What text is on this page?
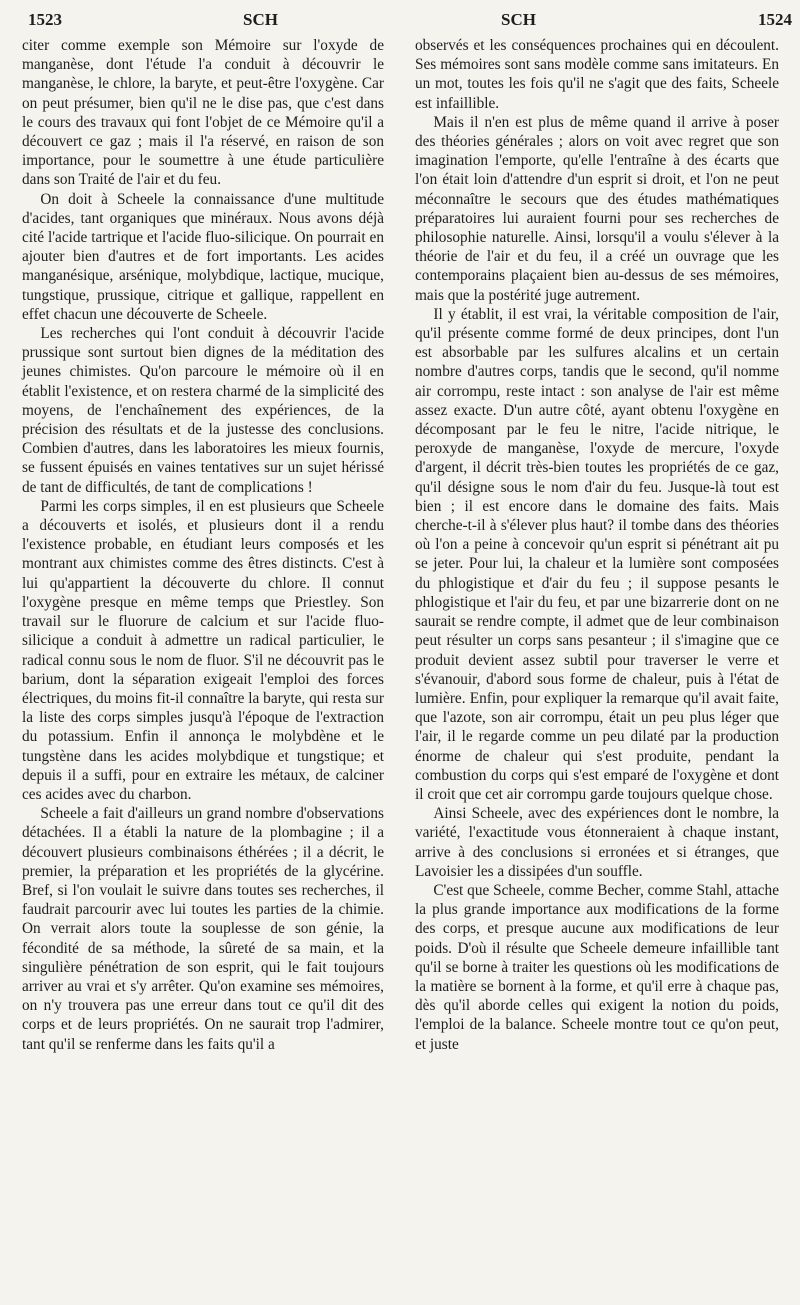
1523	SCH	SCH	1524

citer comme exemple son Mémoire sur l'oxyde de manganèse, dont l'étude l'a conduit à découvrir le manganèse, le chlore, la baryte, et peut-être l'oxygène. Car on peut présumer, bien qu'il ne le dise pas, que c'est dans le cours des travaux qui font l'objet de ce Mémoire qu'il a découvert ce gaz ; mais il l'a réservé, en raison de son importance, pour le soumettre à une étude particulière dans son Traité de l'air et du feu.

On doit à Scheele la connaissance d'une multitude d'acides, tant organiques que minéraux. Nous avons déjà cité l'acide tartrique et l'acide fluo-silicique. On pourrait en ajouter bien d'autres et de fort importants. Les acides manganésique, arsénique, molybdique, lactique, mucique, tungstique, prussique, citrique et gallique, rappellent en effet chacun une découverte de Scheele.

Les recherches qui l'ont conduit à découvrir l'acide prussique sont surtout bien dignes de la méditation des jeunes chimistes. Qu'on parcoure le mémoire où il en établit l'existence, et on restera charmé de la simplicité des moyens, de l'enchaînement des expériences, de la précision des résultats et de la justesse des conclusions. Combien d'autres, dans les laboratoires les mieux fournis, se fussent épuisés en vaines tentatives sur un sujet hérissé de tant de difficultés, de tant de complications !

Parmi les corps simples, il en est plusieurs que Scheele a découverts et isolés, et plusieurs dont il a rendu l'existence probable, en étudiant leurs composés et les montrant aux chimistes comme des êtres distincts. C'est à lui qu'appartient la découverte du chlore. Il connut l'oxygène presque en même temps que Priestley. Son travail sur le fluorure de calcium et sur l'acide fluo-silicique a conduit à admettre un radical particulier, le radical connu sous le nom de fluor. S'il ne découvrit pas le barium, dont la séparation exigeait l'emploi des forces électriques, du moins fit-il connaître la baryte, qui resta sur la liste des corps simples jusqu'à l'époque de l'extraction du potassium. Enfin il annonça le molybdène et le tungstène dans les acides molybdique et tungstique; et depuis il a suffi, pour en extraire les métaux, de calciner ces acides avec du charbon.

Scheele a fait d'ailleurs un grand nombre d'observations détachées. Il a établi la nature de la plombagine ; il a découvert plusieurs combinaisons éthérées ; il a décrit, le premier, la préparation et les propriétés de la glycérine. Bref, si l'on voulait le suivre dans toutes ses recherches, il faudrait parcourir avec lui toutes les parties de la chimie. On verrait alors toute la souplesse de son génie, la fécondité de sa méthode, la sûreté de sa main, et la singulière pénétration de son esprit, qui le fait toujours arriver au vrai et s'y arrêter. Qu'on examine ses mémoires, on n'y trouvera pas une erreur dans tout ce qu'il dit des corps et de leurs propriétés. On ne saurait trop l'admirer, tant qu'il se renferme dans les faits qu'il a

observés et les conséquences prochaines qui en découlent. Ses mémoires sont sans modèle comme sans imitateurs. En un mot, toutes les fois qu'il ne s'agit que des faits, Scheele est infaillible.

Mais il n'en est plus de même quand il arrive à poser des théories générales ; alors on voit avec regret que son imagination l'emporte, qu'elle l'entraîne à des écarts que l'on était loin d'attendre d'un esprit si droit, et l'on ne peut méconnaître le secours que des études mathématiques préparatoires lui auraient fourni pour ses recherches de philosophie naturelle. Ainsi, lorsqu'il a voulu s'élever à la théorie de l'air et du feu, il a créé un ouvrage que les contemporains plaçaient bien au-dessus de ses mémoires, mais que la postérité juge autrement.

Il y établit, il est vrai, la véritable composition de l'air, qu'il présente comme formé de deux principes, dont l'un est absorbable par les sulfures alcalins et un certain nombre d'autres corps, tandis que le second, qu'il nomme air corrompu, reste intact : son analyse de l'air est même assez exacte. D'un autre côté, ayant obtenu l'oxygène en décomposant par le feu le nitre, l'acide nitrique, le peroxyde de manganèse, l'oxyde de mercure, l'oxyde d'argent, il décrit très-bien toutes les propriétés de ce gaz, qu'il désigne sous le nom d'air du feu. Jusque-là tout est bien ; il est encore dans le domaine des faits. Mais cherche-t-il à s'élever plus haut? il tombe dans des théories où l'on a peine à concevoir qu'un esprit si pénétrant ait pu se jeter. Pour lui, la chaleur et la lumière sont composées du phlogistique et d'air du feu ; il suppose pesants le phlogistique et l'air du feu, et par une bizarrerie dont on ne saurait se rendre compte, il admet que de leur combinaison peut résulter un corps sans pesanteur ; il s'imagine que ce produit devient assez subtil pour traverser le verre et s'évanouir, d'abord sous forme de chaleur, puis à l'état de lumière. Enfin, pour expliquer la remarque qu'il avait faite, que l'azote, son air corrompu, était un peu plus léger que l'air, il le regarde comme un peu dilaté par la production énorme de chaleur qui s'est produite, pendant la combustion du corps qui s'est emparé de l'oxygène et dont il croit que cet air corrompu garde toujours quelque chose.

Ainsi Scheele, avec des expériences dont le nombre, la variété, l'exactitude vous étonneraient à chaque instant, arrive à des conclusions si erronées et si étranges, que Lavoisier les a dissipées d'un souffle.

C'est que Scheele, comme Becher, comme Stahl, attache la plus grande importance aux modifications de la forme des corps, et presque aucune aux modifications de leur poids. D'où il résulte que Scheele demeure infaillible tant qu'il se borne à traiter les questions où les modifications de la matière se bornent à la forme, et qu'il erre à chaque pas, dès qu'il aborde celles qui exigent la notion du poids, l'emploi de la balance. Scheele montre tout ce qu'on peut, et juste
